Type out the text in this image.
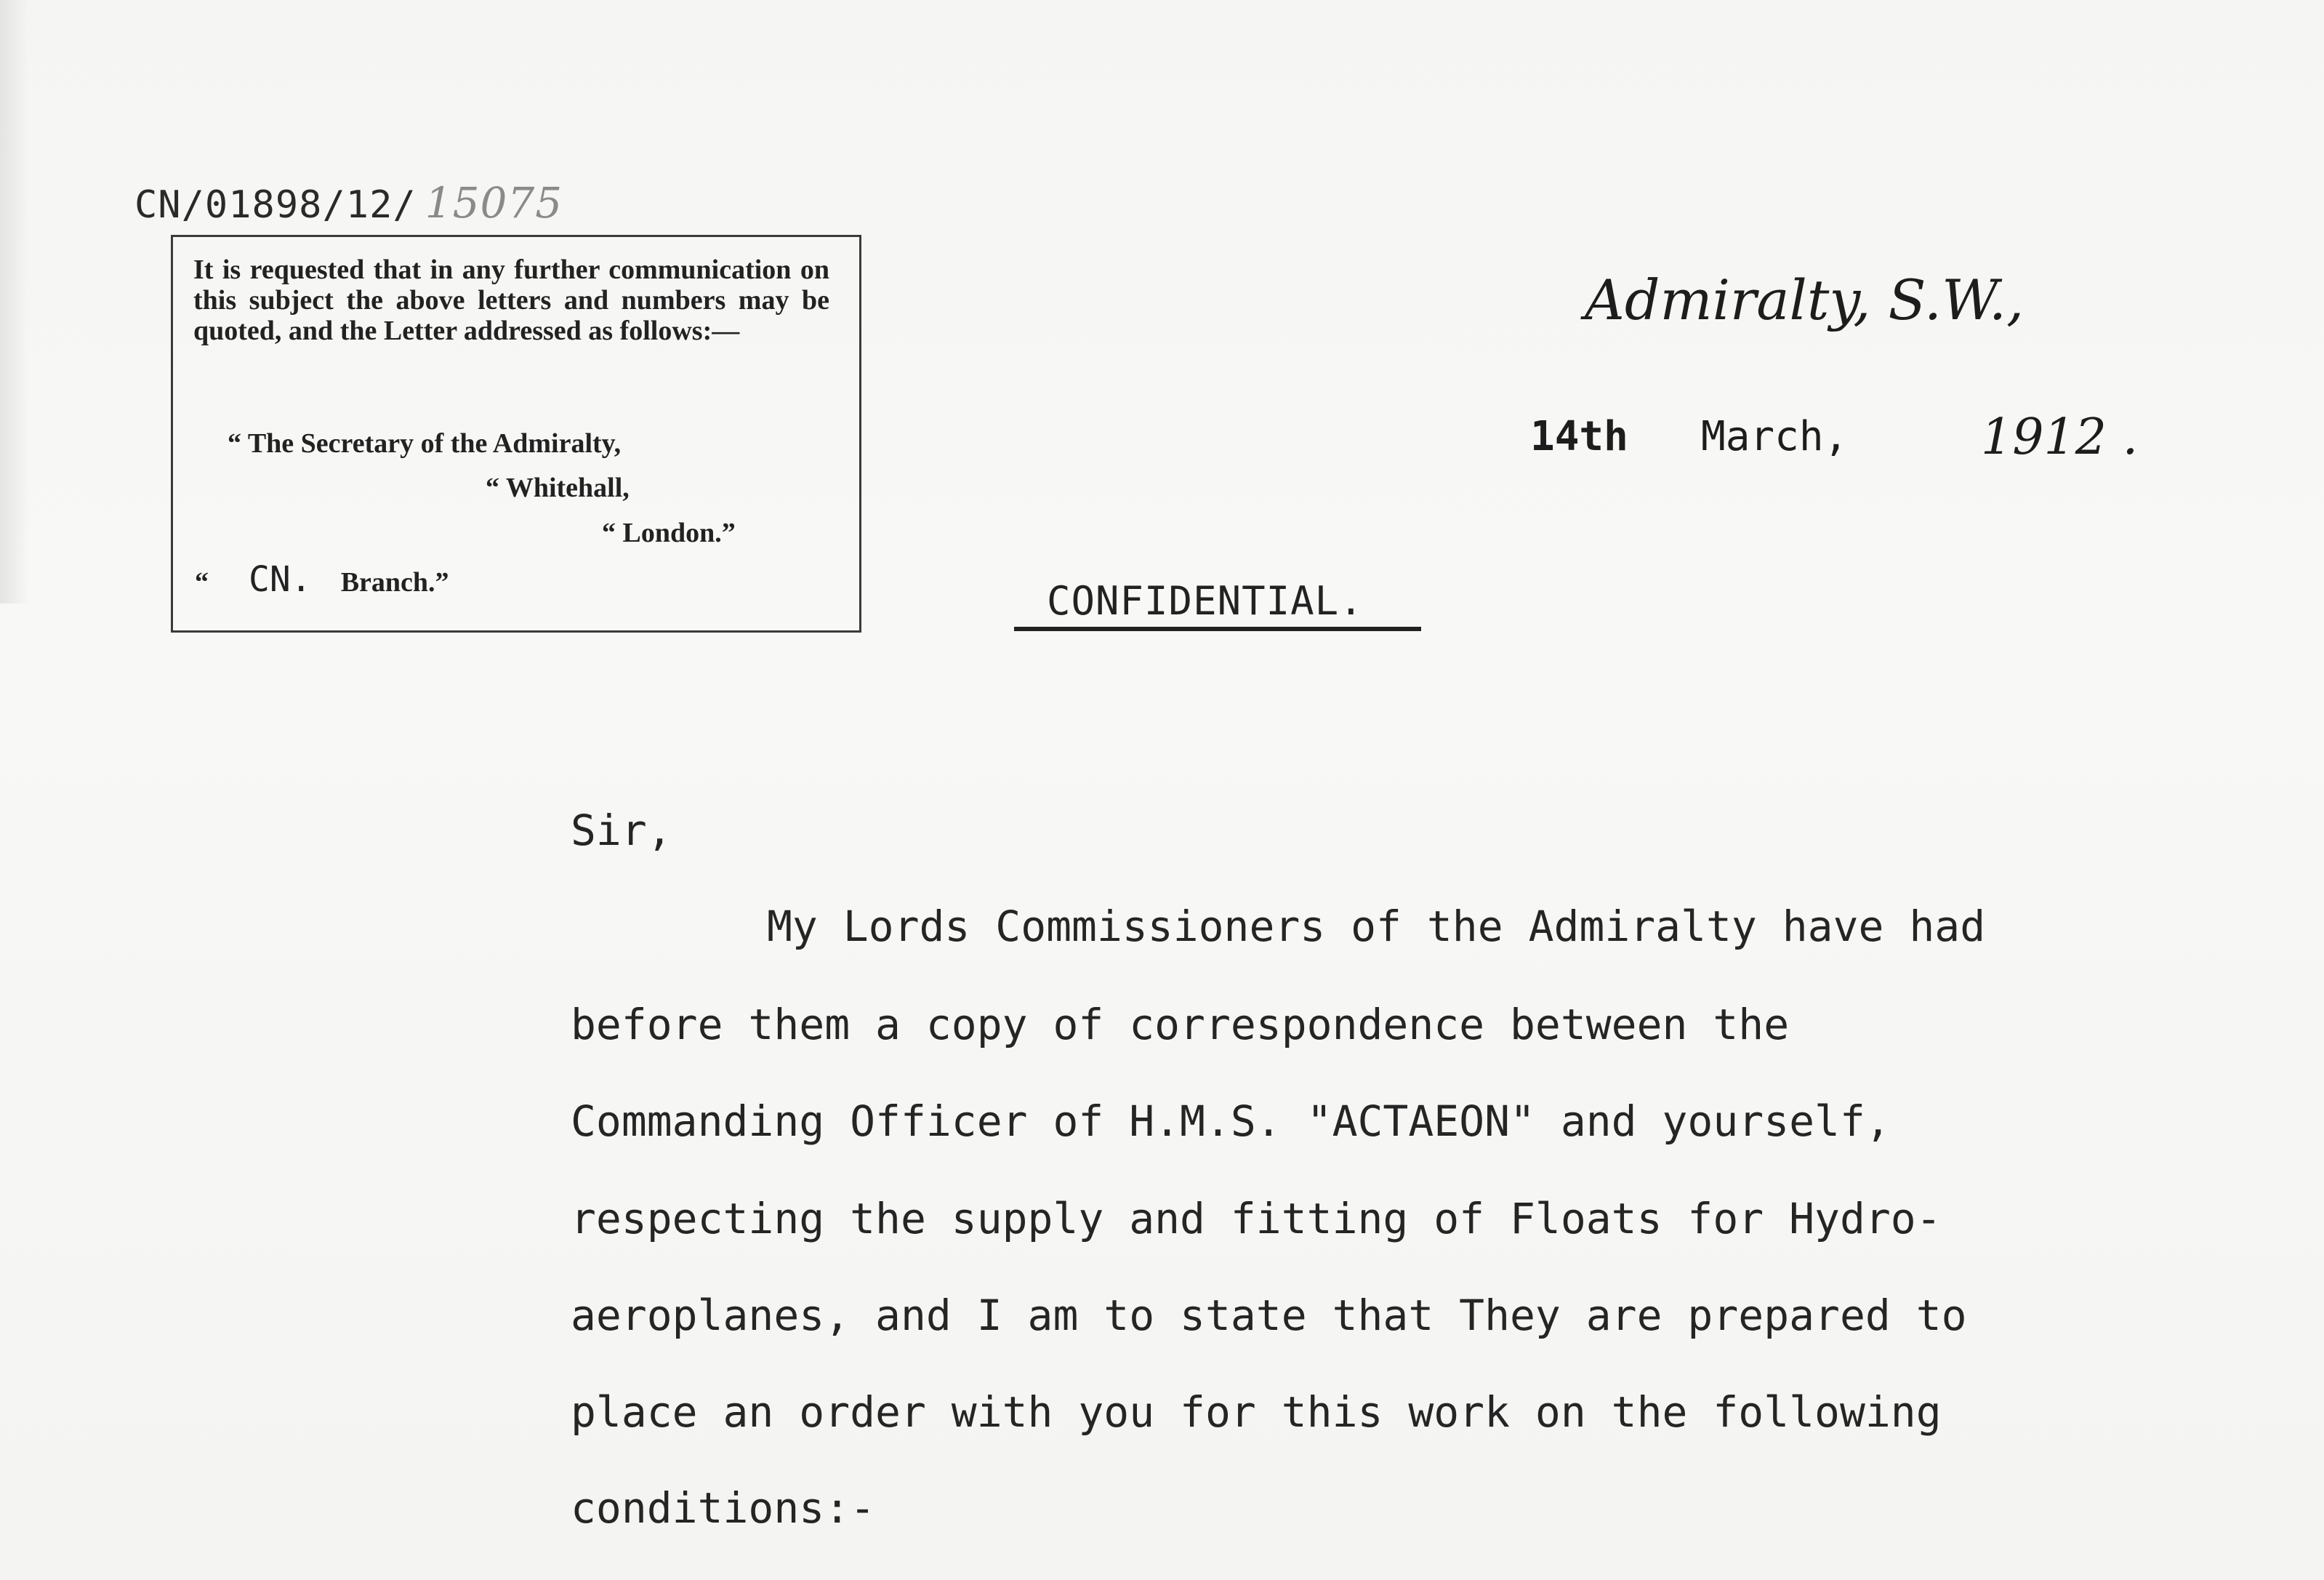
CN/01898/12/ 15075

It is requested that in any further communication on this subject the above letters and numbers may be quoted, and the Letter addressed as follows:—

“ The Secretary of the Admiralty,
“ Whitehall,
“ London.”
“ CN. Branch.”
Admiralty, S.W.,
14th March,	1912 .
CONFIDENTIAL.
Sir,
My Lords Commissioners of the Admiralty have had
before them a copy of correspondence between the
Commanding Officer of H.M.S. "ACTAEON" and yourself,
respecting the supply and fitting of Floats for Hydro-
aeroplanes, and I am to state that They are prepared to
place an order with you for this work on the following
conditions:-
